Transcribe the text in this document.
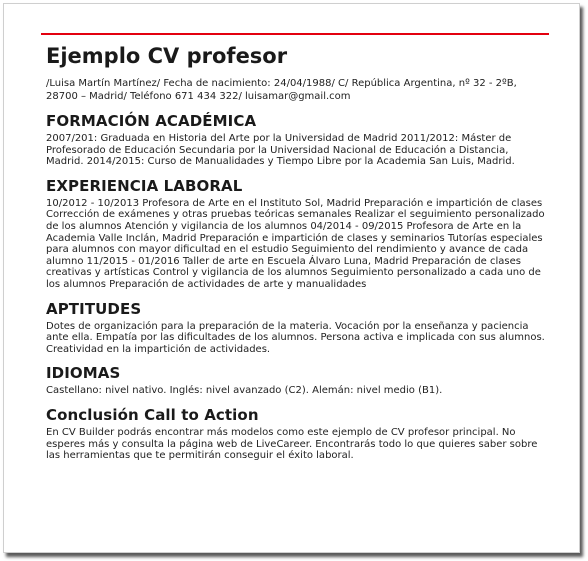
Ejemplo CV profesor

/Luisa Martín Martínez/ Fecha de nacimiento: 24/04/1988/ C/ República Argentina, nº 32 - 2ºB, 28700 – Madrid/ Teléfono 671 434 322/ luisamar@gmail.com

FORMACIÓN ACADÉMICA

2007/201: Graduada en Historia del Arte por la Universidad de Madrid 2011/2012: Máster de Profesorado de Educación Secundaria por la Universidad Nacional de Educación a Distancia, Madrid. 2014/2015: Curso de Manualidades y Tiempo Libre por la Academia San Luis, Madrid.

EXPERIENCIA LABORAL

10/2012 - 10/2013 Profesora de Arte en el Instituto Sol, Madrid Preparación e impartición de clases Corrección de exámenes y otras pruebas teóricas semanales Realizar el seguimiento personalizado de los alumnos Atención y vigilancia de los alumnos 04/2014 - 09/2015 Profesora de Arte en la Academia Valle Inclán, Madrid Preparación e impartición de clases y seminarios Tutorías especiales para alumnos con mayor dificultad en el estudio Seguimiento del rendimiento y avance de cada alumno 11/2015 - 01/2016 Taller de arte en Escuela Álvaro Luna, Madrid Preparación de clases creativas y artísticas Control y vigilancia de los alumnos Seguimiento personalizado a cada uno de los alumnos Preparación de actividades de arte y manualidades

APTITUDES

Dotes de organización para la preparación de la materia. Vocación por la enseñanza y paciencia ante ella. Empatía por las dificultades de los alumnos. Persona activa e implicada con sus alumnos. Creatividad en la impartición de actividades.

IDIOMAS

Castellano: nivel nativo. Inglés: nivel avanzado (C2). Alemán: nivel medio (B1).

Conclusión Call to Action

En CV Builder podrás encontrar más modelos como este ejemplo de CV profesor principal. No esperes más y consulta la página web de LiveCareer. Encontrarás todo lo que quieres saber sobre las herramientas que te permitirán conseguir el éxito laboral.
